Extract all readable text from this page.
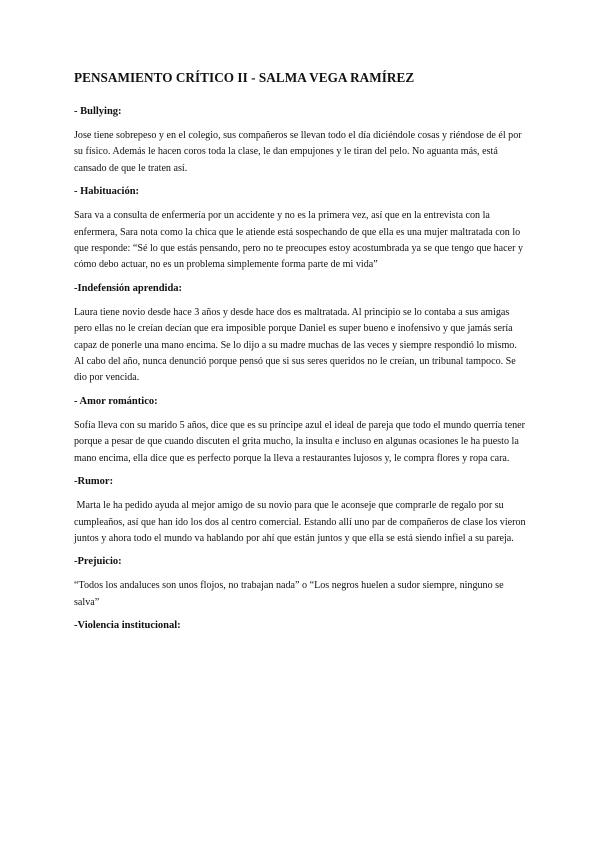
PENSAMIENTO CRÍTICO II - SALMA VEGA RAMÍREZ
- Bullying:
Jose tiene sobrepeso y en el colegio, sus compañeros se llevan todo el día diciéndole cosas y riéndose de él por su físico. Además le hacen coros toda la clase, le dan empujones y le tiran del pelo. No aguanta más, está cansado de que le traten así.
- Habituación:
Sara va a consulta de enfermería por un accidente y no es la primera vez, así que en la entrevista con la enfermera, Sara nota como la chica que le atiende está sospechando de que ella es una mujer maltratada con lo que responde: “Sé lo que estás pensando, pero no te preocupes estoy acostumbrada ya se que tengo que hacer y cómo debo actuar, no es un problema simplemente forma parte de mi vida”
-Indefensión aprendida:
Laura tiene novio desde hace 3 años y desde hace dos es maltratada. Al principio se lo contaba a sus amigas pero ellas no le creían decían que era imposible porque Daniel es super bueno e inofensivo y que jamás sería capaz de ponerle una mano encima. Se lo dijo a su madre muchas de las veces y siempre respondió lo mismo. Al cabo del año, nunca denunció porque pensó que si sus seres queridos no le creían, un tribunal tampoco. Se dio por vencida.
- Amor romántico:
Sofía lleva con su marido 5 años, dice que es su príncipe azul el ideal de pareja que todo el mundo querría tener porque a pesar de que cuando discuten el grita mucho, la insulta e incluso en algunas ocasiones le ha puesto la mano encima, ella dice que es perfecto porque la lleva a restaurantes lujosos y, le compra flores y ropa cara.
-Rumor:
Marta le ha pedido ayuda al mejor amigo de su novio para que le aconseje que comprarle de regalo por su cumpleaños, así que han ido los dos al centro comercial. Estando allí uno par de compañeros de clase los vieron juntos y ahora todo el mundo va hablando por ahí que están juntos y que ella se está siendo infiel a su pareja.
-Prejuicio:
“Todos los andaluces son unos flojos, no trabajan nada” o “Los negros huelen a sudor siempre, ninguno se salva”
-Violencia institucional:
